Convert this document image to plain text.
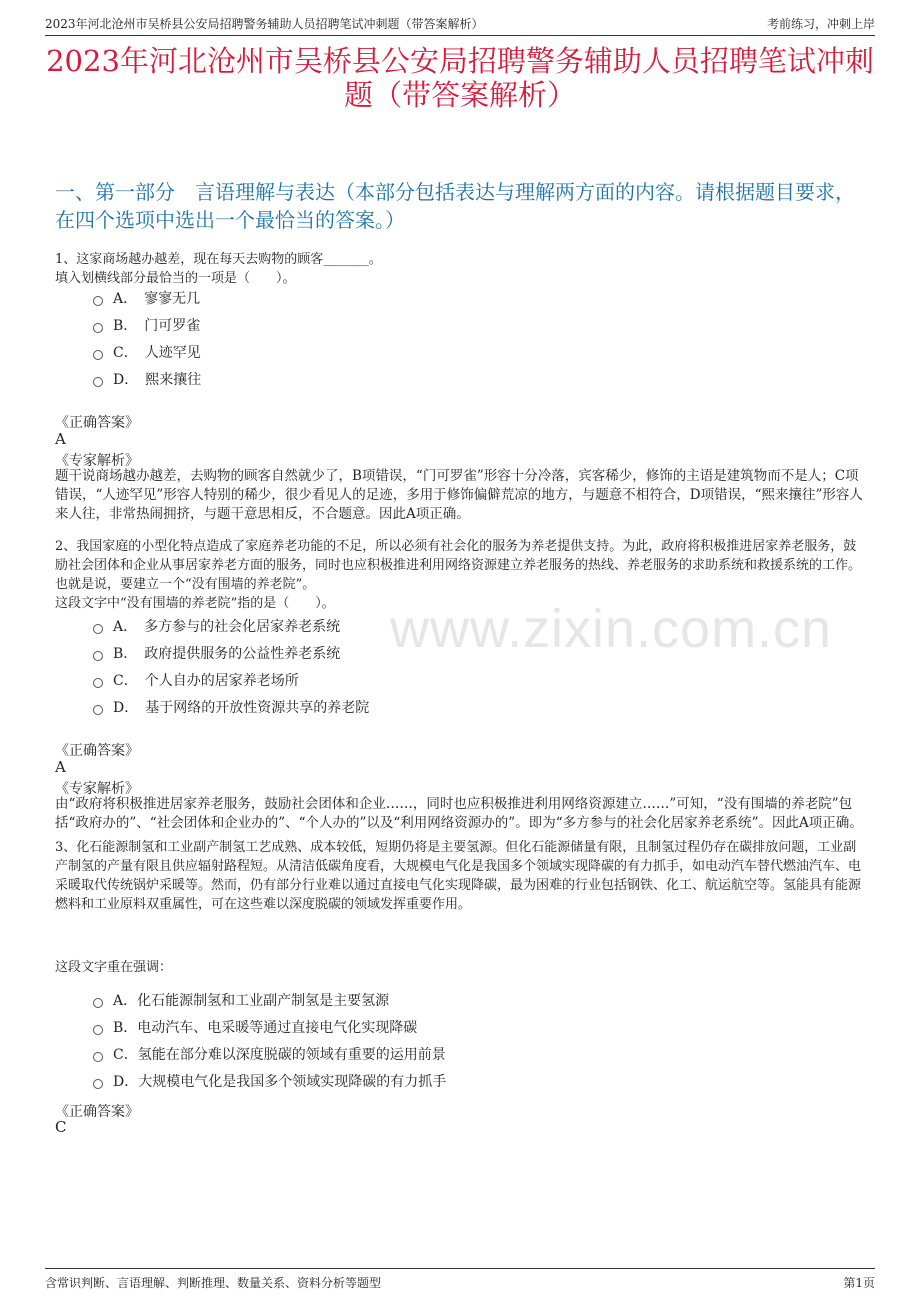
2023年河北沧州市吴桥县公安局招聘警务辅助人员招聘笔试冲刺题（带答案解析）	考前练习，冲刺上岸
2023年河北沧州市吴桥县公安局招聘警务辅助人员招聘笔试冲刺题（带答案解析）
一、第一部分　言语理解与表达（本部分包括表达与理解两方面的内容。请根据题目要求，在四个选项中选出一个最恰当的答案。）
www.zixin.com.cn
1、这家商场越办越差，现在每天去购物的顾客_______。
填入划横线部分最恰当的一项是（　　）。
A．　寥寥无几
B．　门可罗雀
C．　人迹罕见
D．　熙来攘往
《正确答案》
A
《专家解析》
题干说商场越办越差，去购物的顾客自然就少了，B项错误，“门可罗雀”形容十分冷落，宾客稀少，修饰的主语是建筑物而不是人；C项错误，“人迹罕见”形容人特别的稀少，很少看见人的足迹，多用于修饰偏僻荒凉的地方，与题意不相符合，D项错误，“熙来攘往”形容人来人往，非常热闹拥挤，与题干意思相反，不合题意。因此A项正确。
2、我国家庭的小型化特点造成了家庭养老功能的不足，所以必须有社会化的服务为养老提供支持。为此，政府将积极推进居家养老服务，鼓励社会团体和企业从事居家养老方面的服务，同时也应积极推进利用网络资源建立养老服务的热线、养老服务的求助系统和救援系统的工作。也就是说，要建立一个“没有围墙的养老院”。
这段文字中“没有围墙的养老院”指的是（　　）。
A．　多方参与的社会化居家养老系统
B．　政府提供服务的公益性养老系统
C．　个人自办的居家养老场所
D．　基于网络的开放性资源共享的养老院
《正确答案》
A
《专家解析》
由“政府将积极推进居家养老服务，鼓励社会团体和企业……，同时也应积极推进利用网络资源建立……”可知，“没有围墙的养老院”包括“政府办的”、“社会团体和企业办的”、“个人办的”以及“利用网络资源办的”。即为“多方参与的社会化居家养老系统”。因此A项正确。
3、化石能源制氢和工业副产制氢工艺成熟、成本较低，短期仍将是主要氢源。但化石能源储量有限，且制氢过程仍存在碳排放问题，工业副产制氢的产量有限且供应辐射路程短。从清洁低碳角度看，大规模电气化是我国多个领域实现降碳的有力抓手，如电动汽车替代燃油汽车、电采暖取代传统锅炉采暖等。然而，仍有部分行业难以通过直接电气化实现降碳，最为困难的行业包括钢铁、化工、航运航空等。氢能具有能源燃料和工业原料双重属性，可在这些难以深度脱碳的领域发挥重要作用。
这段文字重在强调：
A．化石能源制氢和工业副产制氢是主要氢源
B．电动汽车、电采暖等通过直接电气化实现降碳
C．氢能在部分难以深度脱碳的领域有重要的运用前景
D．大规模电气化是我国多个领域实现降碳的有力抓手
《正确答案》
C
含常识判断、言语理解、判断推理、数量关系、资料分析等题型	第1页
